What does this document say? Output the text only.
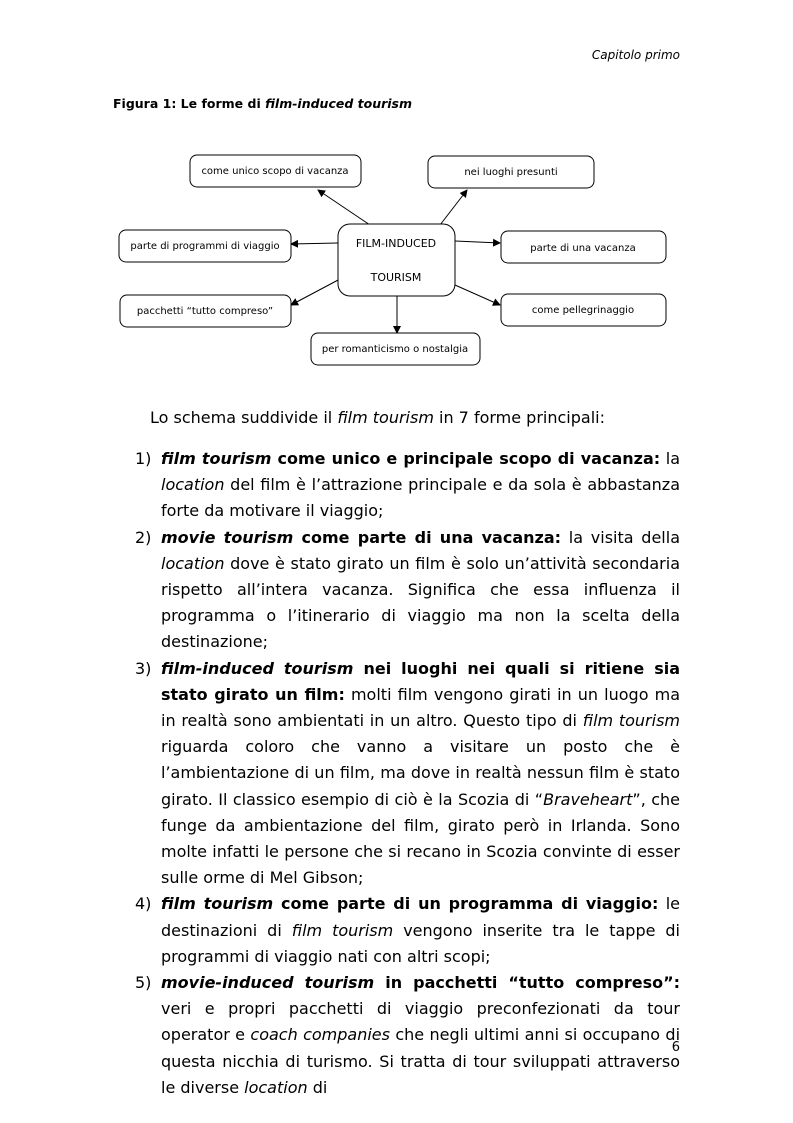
Capitolo primo
Figura 1: Le forme di film-induced tourism
FILM-INDUCED
TOURISM
come unico scopo di vacanza	nei luoghi presunti
parte di programmi di viaggio	parte di una vacanza
pacchetti “tutto compreso”	come pellegrinaggio
per romanticismo o nostalgia
Lo schema suddivide il film tourism in 7 forme principali:
1) film tourism come unico e principale scopo di vacanza: la location del film è l’attrazione principale e da sola è abbastanza forte da motivare il viaggio;
2) movie tourism come parte di una vacanza: la visita della location dove è stato girato un film è solo un’attività secondaria rispetto all’intera vacanza. Significa che essa influenza il programma o l’itinerario di viaggio ma non la scelta della destinazione;
3) film-induced tourism nei luoghi nei quali si ritiene sia stato girato un film: molti film vengono girati in un luogo ma in realtà sono ambientati in un altro. Questo tipo di film tourism riguarda coloro che vanno a visitare un posto che è l’ambientazione di un film, ma dove in realtà nessun film è stato girato. Il classico esempio di ciò è la Scozia di “Braveheart”, che funge da ambientazione del film, girato però in Irlanda. Sono molte infatti le persone che si recano in Scozia convinte di esser sulle orme di Mel Gibson;
4) film tourism come parte di un programma di viaggio: le destinazioni di film tourism vengono inserite tra le tappe di programmi di viaggio nati con altri scopi;
5) movie-induced tourism in pacchetti “tutto compreso”: veri e propri pacchetti di viaggio preconfezionati da tour operator e coach companies che negli ultimi anni si occupano di questa nicchia di turismo. Si tratta di tour sviluppati attraverso le diverse location di
6
